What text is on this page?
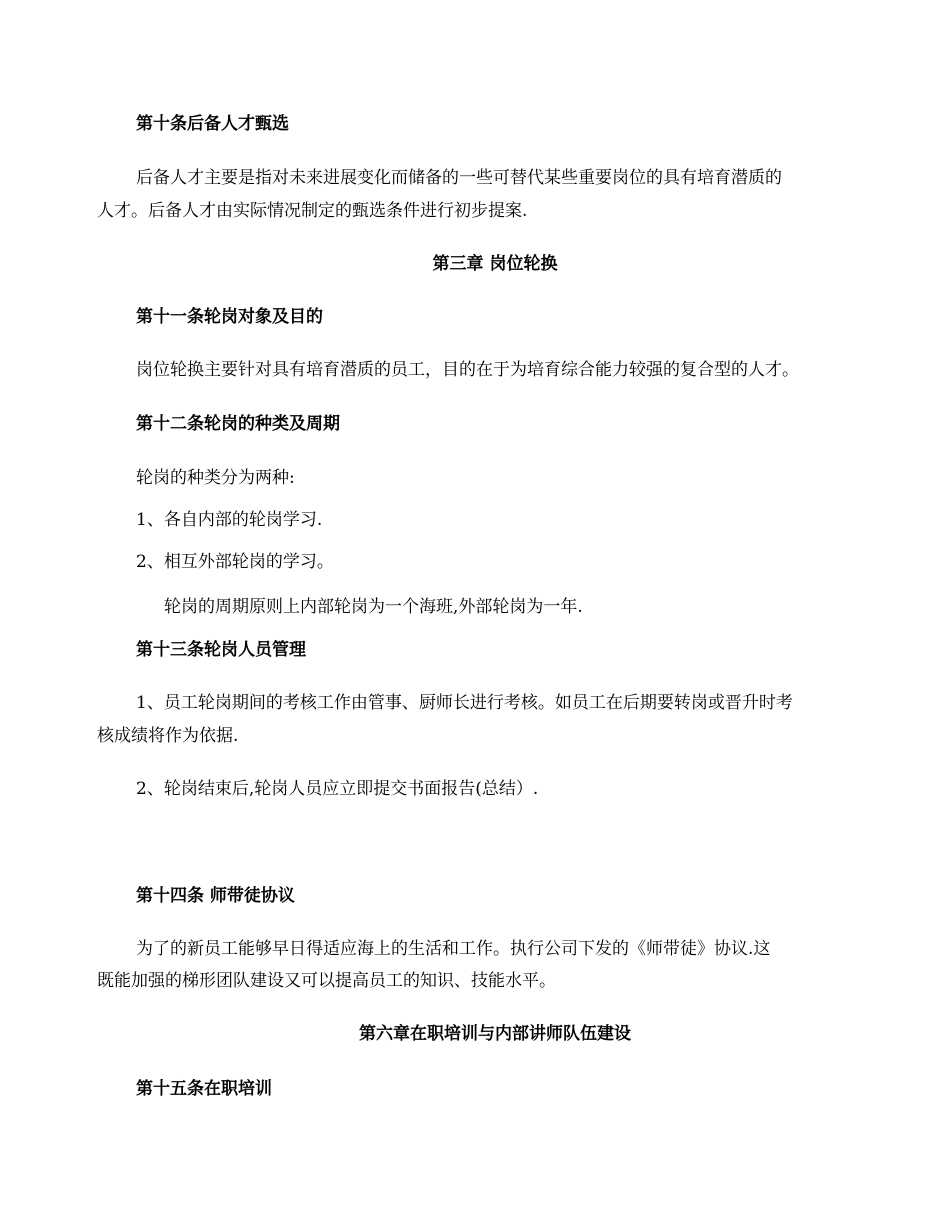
第十条后备人才甄选

后备人才主要是指对未来进展变化而储备的一些可替代某些重要岗位的具有培育潜质的

人才。后备人才由实际情况制定的甄选条件进行初步提案.

第三章 岗位轮换

第十一条轮岗对象及目的

岗位轮换主要针对具有培育潜质的员工，目的在于为培育综合能力较强的复合型的人才。

第十二条轮岗的种类及周期

轮岗的种类分为两种:

1、各自内部的轮岗学习.

2、相互外部轮岗的学习。

轮岗的周期原则上内部轮岗为一个海班,外部轮岗为一年.

第十三条轮岗人员管理

1、员工轮岗期间的考核工作由管事、厨师长进行考核。如员工在后期要转岗或晋升时考

核成绩将作为依据.

2、轮岗结束后,轮岗人员应立即提交书面报告(总结）.

第十四条 师带徒协议

为了的新员工能够早日得适应海上的生活和工作。执行公司下发的《师带徒》协议.这

既能加强的梯形团队建设又可以提高员工的知识、技能水平。

第六章在职培训与内部讲师队伍建设

第十五条在职培训
